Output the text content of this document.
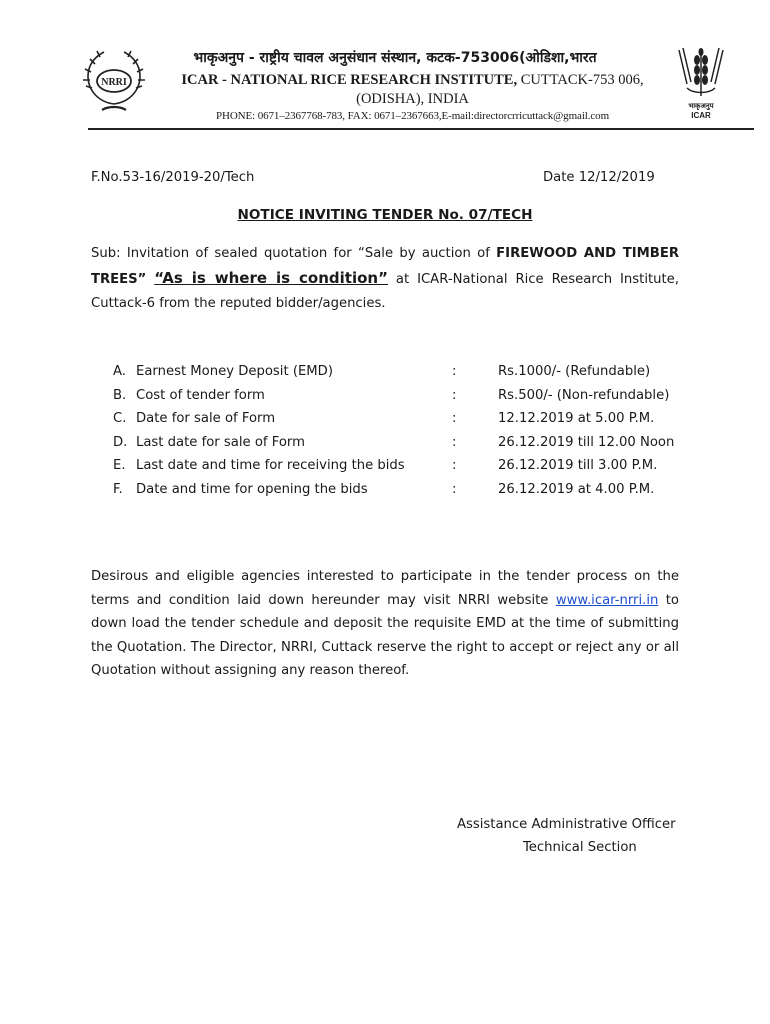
NRRI
भाकृअनुप - राष्ट्रीय चावल अनुसंधान संस्थान, कटक-753006(ओडिशा,भारत
ICAR - NATIONAL RICE RESEARCH INSTITUTE, CUTTACK-753 006,
(ODISHA), INDIA
PHONE: 0671–2367768-783, FAX: 0671–2367663,E-mail:directorcrricuttack@gmail.com
भाकृअनुप
ICAR
F.No.53-16/2019-20/Tech	Date 12/12/2019
NOTICE INVITING TENDER No. 07/TECH
Sub: Invitation of sealed quotation for “Sale by auction of FIREWOOD AND TIMBER TREES” “As is where is condition” at ICAR-National Rice Research Institute, Cuttack-6 from the reputed bidder/agencies.
A. Earnest Money Deposit (EMD)	:	Rs.1000/- (Refundable)
B. Cost of tender form	:	Rs.500/- (Non-refundable)
C. Date for sale of Form	:	12.12.2019 at 5.00 P.M.
D. Last date for sale of Form	:	26.12.2019 till 12.00 Noon
E. Last date and time for receiving the bids	:	26.12.2019 till 3.00 P.M.
F. Date and time for opening the bids	:	26.12.2019 at 4.00 P.M.
Desirous and eligible agencies interested to participate in the tender process on the terms and condition laid down hereunder may visit NRRI website www.icar-nrri.in to down load the tender schedule and deposit the requisite EMD at the time of submitting the Quotation. The Director, NRRI, Cuttack reserve the right to accept or reject any or all Quotation without assigning any reason thereof.
Assistance Administrative Officer
Technical Section
